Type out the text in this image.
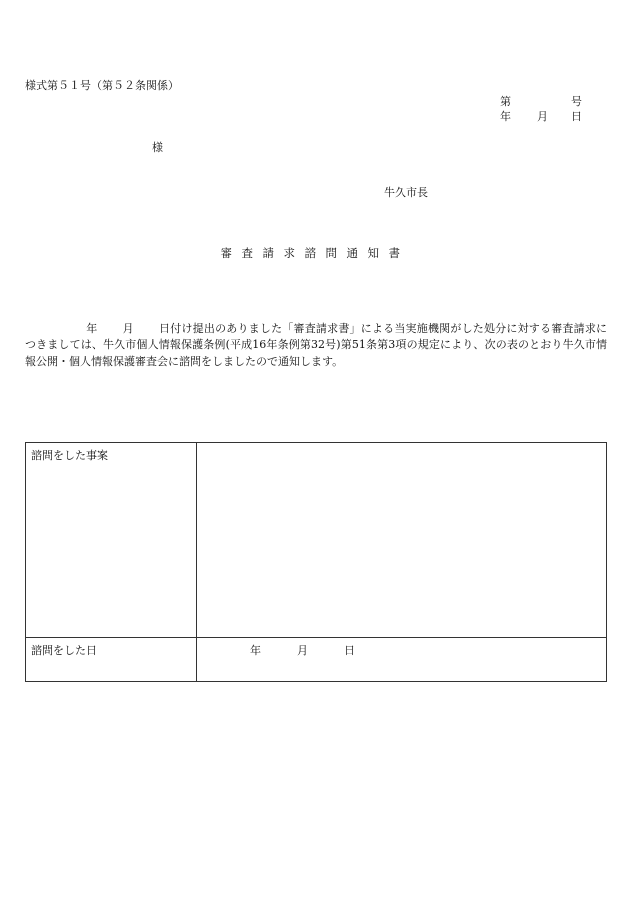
様式第５１号（第５２条関係）
第	号
年 月 日
様
牛久市長
審査請求諮問通知書
年 月 日付け提出のありました「審査請求書」による当実施機関がした処分に対する審査請求につきましては、牛久市個人情報保護条例(平成16年条例第32号)第51条第3項の規定により、次の表のとおり牛久市情報公開・個人情報保護審査会に諮問をしましたので通知します。
諮問をした事案	
諮問をした日	年 月 日
